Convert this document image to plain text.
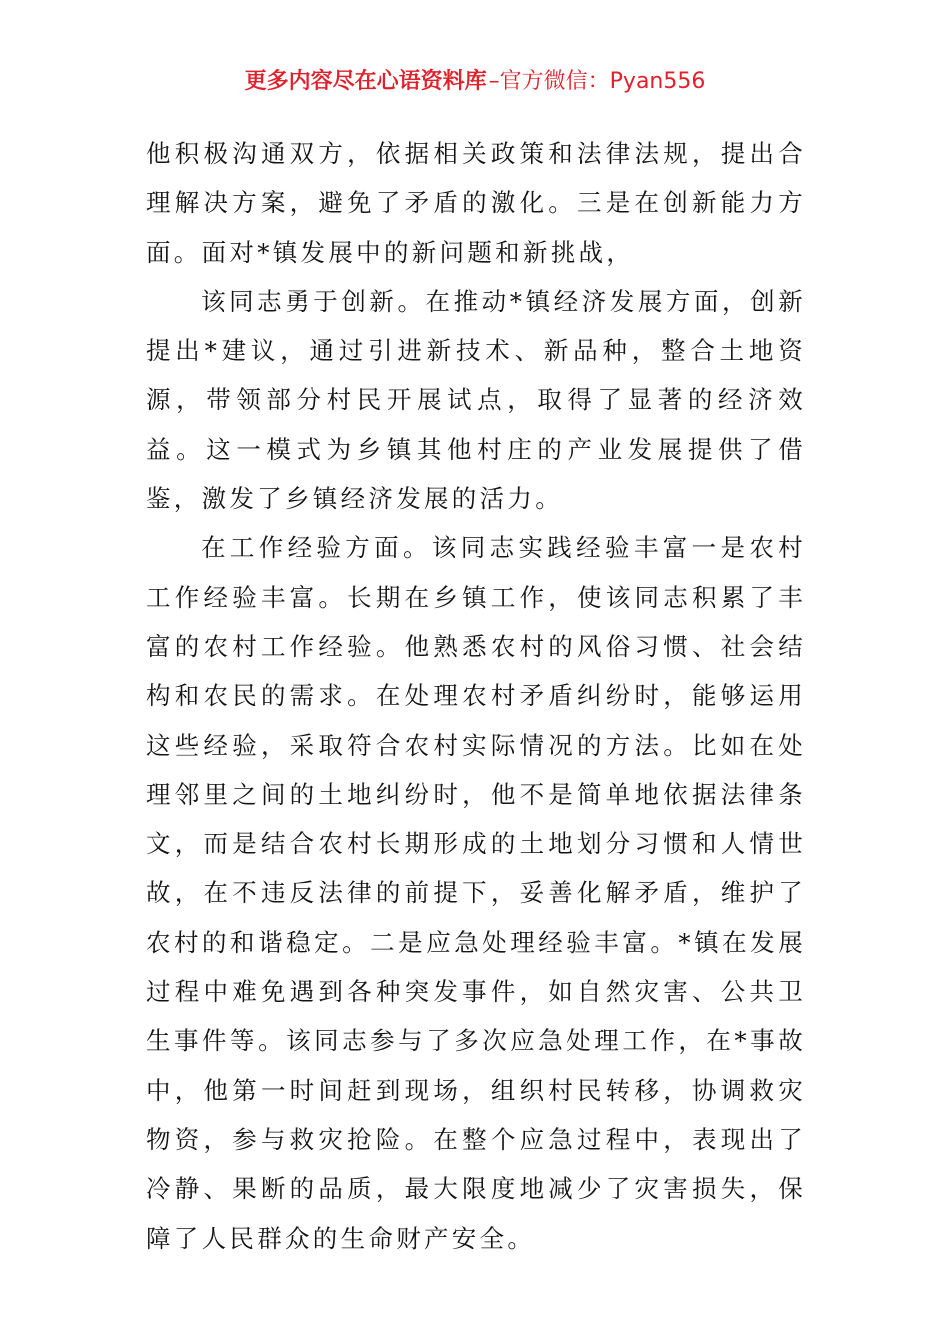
更多内容尽在心语资料库–官方微信：Pyan556

他积极沟通双方，依据相关政策和法律法规，提出合理解决方案，避免了矛盾的激化。三是在创新能力方面。面对*镇发展中的新问题和新挑战，

该同志勇于创新。在推动*镇经济发展方面，创新提出*建议，通过引进新技术、新品种，整合土地资源，带领部分村民开展试点，取得了显著的经济效益。这一模式为乡镇其他村庄的产业发展提供了借鉴，激发了乡镇经济发展的活力。

在工作经验方面。该同志实践经验丰富一是农村工作经验丰富。长期在乡镇工作，使该同志积累了丰富的农村工作经验。他熟悉农村的风俗习惯、社会结构和农民的需求。在处理农村矛盾纠纷时，能够运用这些经验，采取符合农村实际情况的方法。比如在处理邻里之间的土地纠纷时，他不是简单地依据法律条文，而是结合农村长期形成的土地划分习惯和人情世故，在不违反法律的前提下，妥善化解矛盾，维护了农村的和谐稳定。二是应急处理经验丰富。*镇在发展过程中难免遇到各种突发事件，如自然灾害、公共卫生事件等。该同志参与了多次应急处理工作，在*事故中，他第一时间赶到现场，组织村民转移，协调救灾物资，参与救灾抢险。在整个应急过程中，表现出了冷静、果断的品质，最大限度地减少了灾害损失，保障了人民群众的生命财产安全。
